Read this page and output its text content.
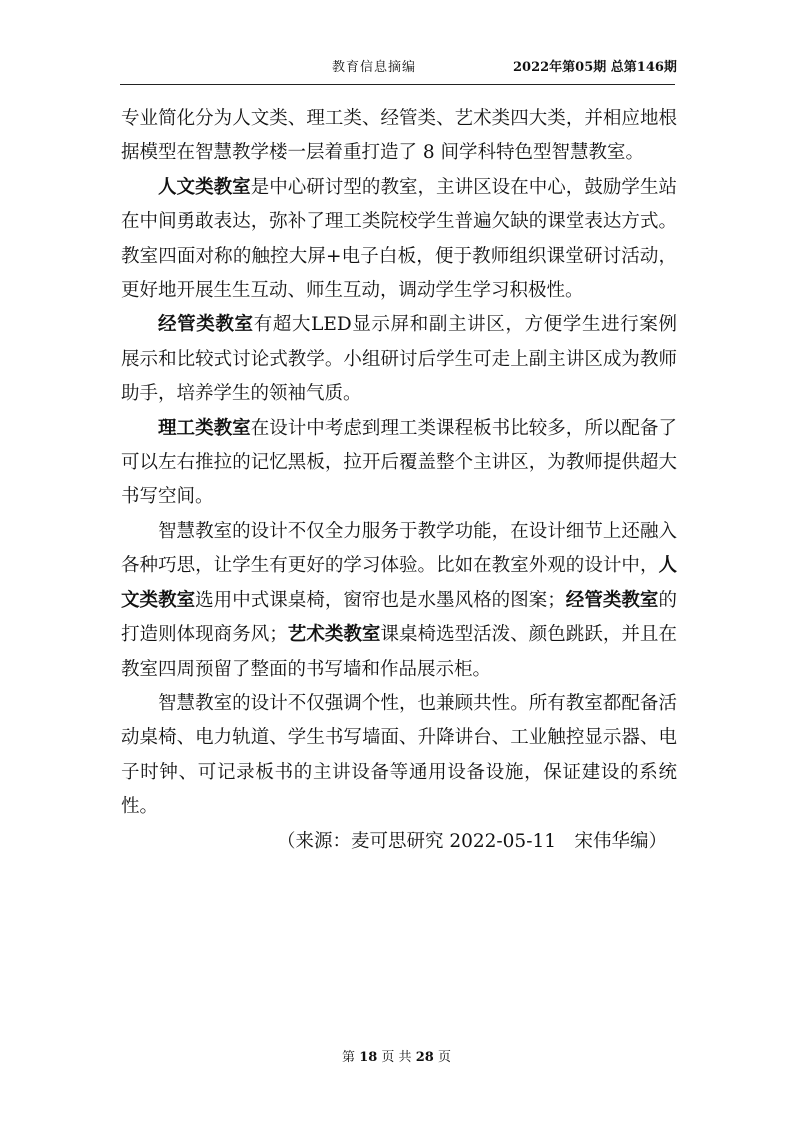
教育信息摘编	2022年第05期 总第146期

专业简化分为人文类、理工类、经管类、艺术类四大类，并相应地根据模型在智慧教学楼一层着重打造了 8 间学科特色型智慧教室。

人文类教室是中心研讨型的教室，主讲区设在中心，鼓励学生站在中间勇敢表达，弥补了理工类院校学生普遍欠缺的课堂表达方式。教室四面对称的触控大屏+电子白板，便于教师组织课堂研讨活动，更好地开展生生互动、师生互动，调动学生学习积极性。

经管类教室有超大LED显示屏和副主讲区，方便学生进行案例展示和比较式讨论式教学。小组研讨后学生可走上副主讲区成为教师助手，培养学生的领袖气质。

理工类教室在设计中考虑到理工类课程板书比较多，所以配备了可以左右推拉的记忆黑板，拉开后覆盖整个主讲区，为教师提供超大书写空间。

智慧教室的设计不仅全力服务于教学功能，在设计细节上还融入各种巧思，让学生有更好的学习体验。比如在教室外观的设计中，人文类教室选用中式课桌椅，窗帘也是水墨风格的图案；经管类教室的打造则体现商务风；艺术类教室课桌椅选型活泼、颜色跳跃，并且在教室四周预留了整面的书写墙和作品展示柜。

智慧教室的设计不仅强调个性，也兼顾共性。所有教室都配备活动桌椅、电力轨道、学生书写墙面、升降讲台、工业触控显示器、电子时钟、可记录板书的主讲设备等通用设备设施，保证建设的系统性。

（来源：麦可思研究 2022-05-11　宋伟华编）

第 18 页 共 28 页
